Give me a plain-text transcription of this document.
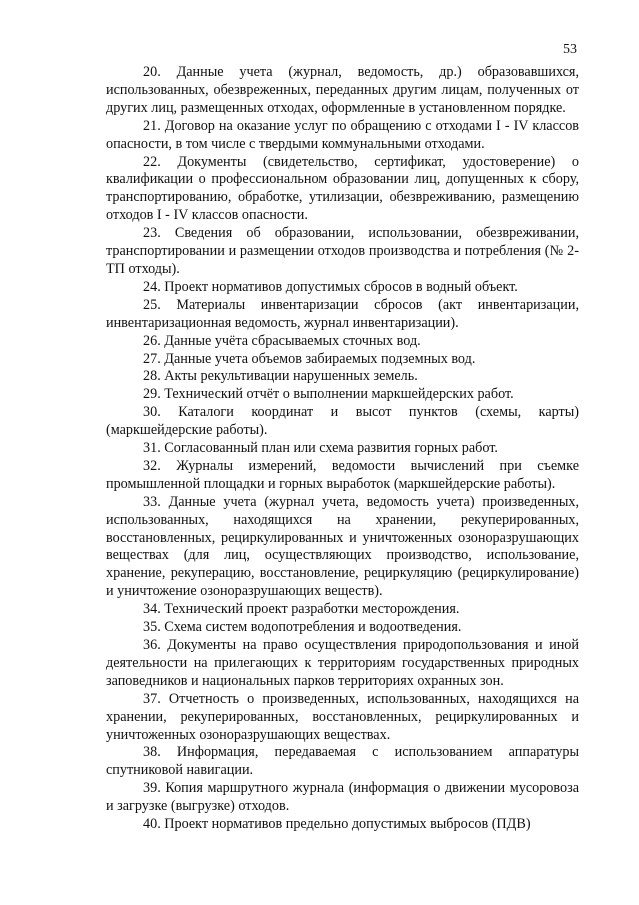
53

20. Данные учета (журнал, ведомость, др.) образовавшихся, использованных, обезвреженных, переданных другим лицам, полученных от других лиц, размещенных отходах, оформленные в установленном порядке.

21. Договор на оказание услуг по обращению с отходами I - IV классов опасности, в том числе с твердыми коммунальными отходами.

22. Документы (свидетельство, сертификат, удостоверение) о квалификации о профессиональном образовании лиц, допущенных к сбору, транспортированию, обработке, утилизации, обезвреживанию, размещению отходов I - IV классов опасности.

23. Сведения об образовании, использовании, обезвреживании, транспортировании и размещении отходов производства и потребления (№ 2-ТП отходы).

24. Проект нормативов допустимых сбросов в водный объект.

25. Материалы инвентаризации сбросов (акт инвентаризации, инвентаризационная ведомость, журнал инвентаризации).

26. Данные учёта сбрасываемых сточных вод.

27. Данные учета объемов забираемых подземных вод.

28. Акты рекультивации нарушенных земель.

29. Технический отчёт о выполнении маркшейдерских работ.

30. Каталоги координат и высот пунктов (схемы, карты) (маркшейдерские работы).

31. Согласованный план или схема развития горных работ.

32. Журналы измерений, ведомости вычислений при съемке промышленной площадки и горных выработок (маркшейдерские работы).

33. Данные учета (журнал учета, ведомость учета) произведенных, использованных, находящихся на хранении, рекуперированных, восстановленных, рециркулированных и уничтоженных озоноразрушающих веществах (для лиц, осуществляющих производство, использование, хранение, рекуперацию, восстановление, рециркуляцию (рециркулирование) и уничтожение озоноразрушающих веществ).

34. Технический проект разработки месторождения.

35. Схема систем водопотребления и водоотведения.

36. Документы на право осуществления природопользования и иной деятельности на прилегающих к территориям государственных природных заповедников и национальных парков территориях охранных зон.

37. Отчетность о произведенных, использованных, находящихся на хранении, рекуперированных, восстановленных, рециркулированных и уничтоженных озоноразрушающих веществах.

38. Информация, передаваемая с использованием аппаратуры спутниковой навигации.

39. Копия маршрутного журнала (информация о движении мусоровоза и загрузке (выгрузке) отходов.

40. Проект нормативов предельно допустимых выбросов (ПДВ)
